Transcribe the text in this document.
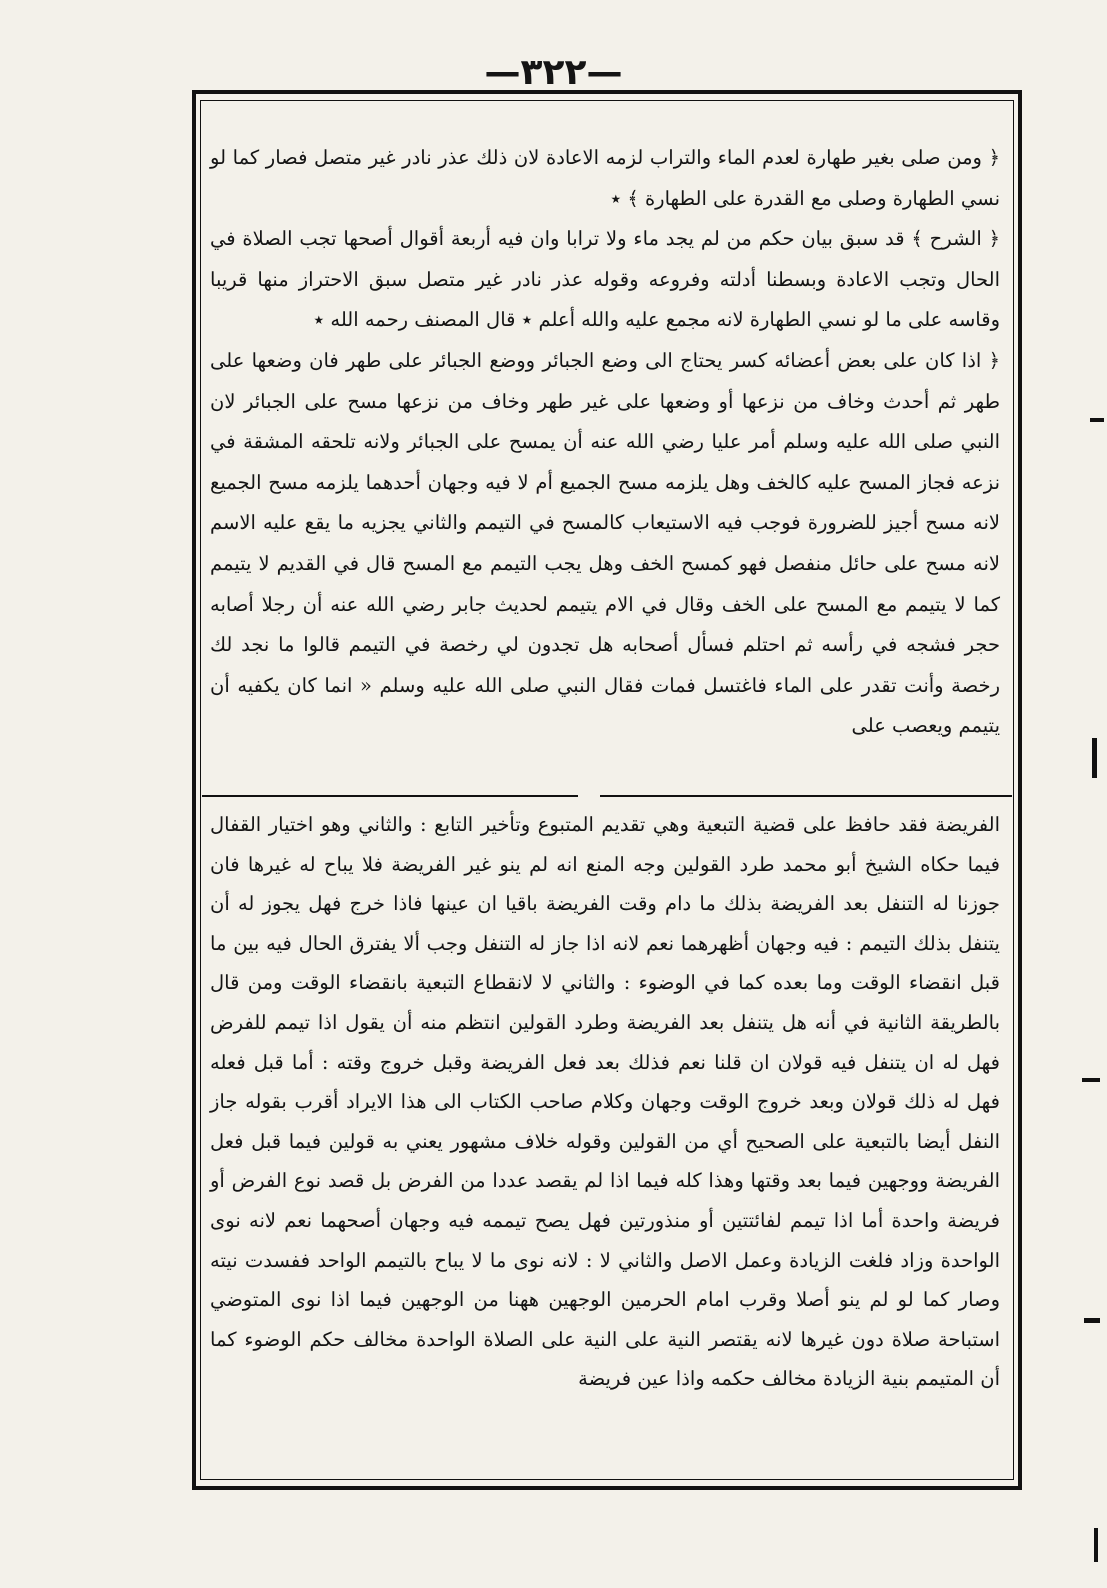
—٣٢٢—

﴿ ومن صلى بغير طهارة لعدم الماء والتراب لزمه الاعادة لان ذلك عذر نادر غير متصل فصار كما لو نسي الطهارة وصلى مع القدرة على الطهارة ﴾ ٭

﴿ الشرح ﴾ قد سبق بيان حكم من لم يجد ماء ولا ترابا وان فيه أربعة أقوال أصحها تجب الصلاة في الحال وتجب الاعادة وبسطنا أدلته وفروعه وقوله عذر نادر غير متصل سبق الاحتراز منها قريبا وقاسه على ما لو نسي الطهارة لانه مجمع عليه والله أعلم ٭ قال المصنف رحمه الله ٭

﴿ اذا كان على بعض أعضائه كسر يحتاج الى وضع الجبائر ووضع الجبائر على طهر فان وضعها على طهر ثم أحدث وخاف من نزعها أو وضعها على غير طهر وخاف من نزعها مسح على الجبائر لان النبي صلى الله عليه وسلم أمر عليا رضي الله عنه أن يمسح على الجبائر ولانه تلحقه المشقة في نزعه فجاز المسح عليه كالخف وهل يلزمه مسح الجميع أم لا فيه وجهان أحدهما يلزمه مسح الجميع لانه مسح أجيز للضرورة فوجب فيه الاستيعاب كالمسح في التيمم والثاني يجزيه ما يقع عليه الاسم لانه مسح على حائل منفصل فهو كمسح الخف وهل يجب التيمم مع المسح قال في القديم لا يتيمم كما لا يتيمم مع المسح على الخف وقال في الام يتيمم لحديث جابر رضي الله عنه أن رجلا أصابه حجر فشجه في رأسه ثم احتلم فسأل أصحابه هل تجدون لي رخصة في التيمم قالوا ما نجد لك رخصة وأنت تقدر على الماء فاغتسل فمات فقال النبي صلى الله عليه وسلم « انما كان يكفيه أن يتيمم ويعصب على

الفريضة فقد حافظ على قضية التبعية وهي تقديم المتبوع وتأخير التابع : والثاني وهو اختيار القفال فيما حكاه الشيخ أبو محمد طرد القولين وجه المنع انه لم ينو غير الفريضة فلا يباح له غيرها فان جوزنا له التنفل بعد الفريضة بذلك ما دام وقت الفريضة باقيا ان عينها فاذا خرج فهل يجوز له أن يتنفل بذلك التيمم : فيه وجهان أظهرهما نعم لانه اذا جاز له التنفل وجب ألا يفترق الحال فيه بين ما قبل انقضاء الوقت وما بعده كما في الوضوء : والثاني لا لانقطاع التبعية بانقضاء الوقت ومن قال بالطريقة الثانية في أنه هل يتنفل بعد الفريضة وطرد القولين انتظم منه أن يقول اذا تيمم للفرض فهل له ان يتنفل فيه قولان ان قلنا نعم فذلك بعد فعل الفريضة وقبل خروج وقته : أما قبل فعله فهل له ذلك قولان وبعد خروج الوقت وجهان وكلام صاحب الكتاب الى هذا الايراد أقرب بقوله جاز النفل أيضا بالتبعية على الصحيح أي من القولين وقوله خلاف مشهور يعني به قولين فيما قبل فعل الفريضة ووجهين فيما بعد وقتها وهذا كله فيما اذا لم يقصد عددا من الفرض بل قصد نوع الفرض أو فريضة واحدة أما اذا تيمم لفائتتين أو منذورتين فهل يصح تيممه فيه وجهان أصحهما نعم لانه نوى الواحدة وزاد فلغت الزيادة وعمل الاصل والثاني لا : لانه نوى ما لا يباح بالتيمم الواحد ففسدت نيته وصار كما لو لم ينو أصلا وقرب امام الحرمين الوجهين ههنا من الوجهين فيما اذا نوى المتوضي استباحة صلاة دون غيرها لانه يقتصر النية على النية على الصلاة الواحدة مخالف حكم الوضوء كما أن المتيمم بنية الزيادة مخالف حكمه واذا عين فريضة
